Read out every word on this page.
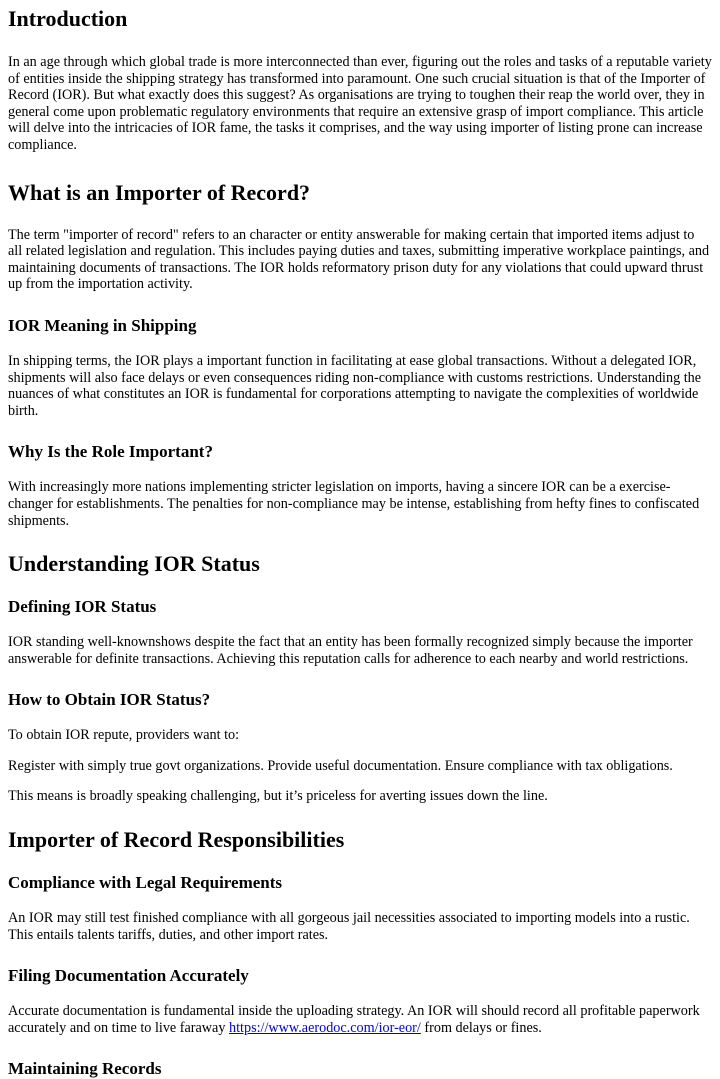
Introduction

In an age through which global trade is more interconnected than ever, figuring out the roles and tasks of a reputable variety of entities inside the shipping strategy has transformed into paramount. One such crucial situation is that of the Importer of Record (IOR). But what exactly does this suggest? As organisations are trying to toughen their reap the world over, they in general come upon problematic regulatory environments that require an extensive grasp of import compliance. This article will delve into the intricacies of IOR fame, the tasks it comprises, and the way using importer of listing prone can increase compliance.

What is an Importer of Record?

The term "importer of record" refers to an character or entity answerable for making certain that imported items adjust to all related legislation and regulation. This includes paying duties and taxes, submitting imperative workplace paintings, and maintaining documents of transactions. The IOR holds reformatory prison duty for any violations that could upward thrust up from the importation activity.

IOR Meaning in Shipping

In shipping terms, the IOR plays a important function in facilitating at ease global transactions. Without a delegated IOR, shipments will also face delays or even consequences riding non-compliance with customs restrictions. Understanding the nuances of what constitutes an IOR is fundamental for corporations attempting to navigate the complexities of worldwide birth.

Why Is the Role Important?

With increasingly more nations implementing stricter legislation on imports, having a sincere IOR can be a exercise-changer for establishments. The penalties for non-compliance may be intense, establishing from hefty fines to confiscated shipments.

Understanding IOR Status
Defining IOR Status

IOR standing well-knownshows despite the fact that an entity has been formally recognized simply because the importer answerable for definite transactions. Achieving this reputation calls for adherence to each nearby and world restrictions.

How to Obtain IOR Status?

To obtain IOR repute, providers want to:

Register with simply true govt organizations. Provide useful documentation. Ensure compliance with tax obligations.

This means is broadly speaking challenging, but it’s priceless for averting issues down the line.

Importer of Record Responsibilities
Compliance with Legal Requirements

An IOR may still test finished compliance with all gorgeous jail necessities associated to importing models into a rustic. This entails talents tariffs, duties, and other import rates.

Filing Documentation Accurately

Accurate documentation is fundamental inside the uploading strategy. An IOR will should record all profitable paperwork accurately and on time to live faraway https://www.aerodoc.com/ior-eor/ from delays or fines.

Maintaining Records
